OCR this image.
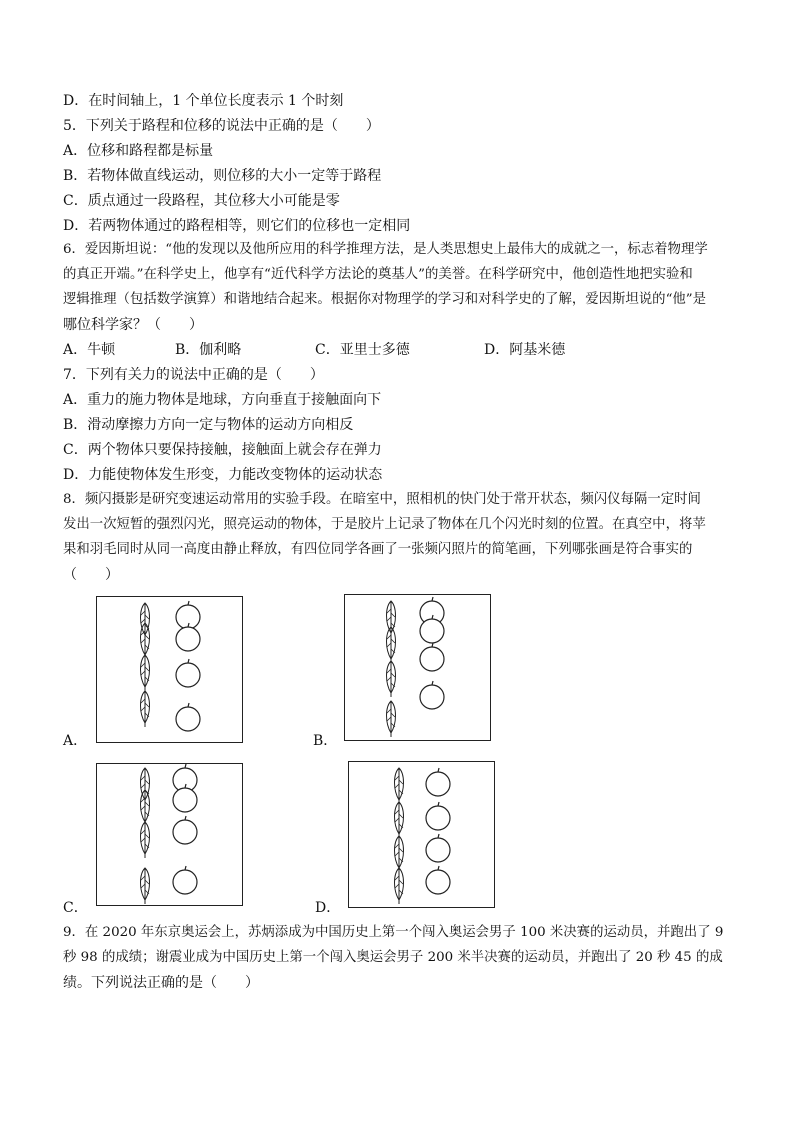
D．在时间轴上，1 个单位长度表示 1 个时刻
5．下列关于路程和位移的说法中正确的是（　　）
A．位移和路程都是标量
B．若物体做直线运动，则位移的大小一定等于路程
C．质点通过一段路程，其位移大小可能是零
D．若两物体通过的路程相等，则它们的位移也一定相同
6．爱因斯坦说：“他的发现以及他所应用的科学推理方法，是人类思想史上最伟大的成就之一，标志着物理学
的真正开端。”在科学史上，他享有“近代科学方法论的奠基人”的美誉。在科学研究中，他创造性地把实验和
逻辑推理（包括数学演算）和谐地结合起来。根据你对物理学的学习和对科学史的了解，爱因斯坦说的“他”是
哪位科学家？（　　）
A．牛顿	B．伽利略	C．亚里士多德	D．阿基米德
7．下列有关力的说法中正确的是（　　）
A．重力的施力物体是地球，方向垂直于接触面向下
B．滑动摩擦力方向一定与物体的运动方向相反
C．两个物体只要保持接触，接触面上就会存在弹力
D．力能使物体发生形变，力能改变物体的运动状态
8．频闪摄影是研究变速运动常用的实验手段。在暗室中，照相机的快门处于常开状态，频闪仪每隔一定时间
发出一次短暂的强烈闪光，照亮运动的物体，于是胶片上记录了物体在几个闪光时刻的位置。在真空中，将苹
果和羽毛同时从同一高度由静止释放，有四位同学各画了一张频闪照片的简笔画，下列哪张画是符合事实的
（　　）
A．	B．
C．	D．
9．在 2020 年东京奥运会上，苏炳添成为中国历史上第一个闯入奥运会男子 100 米决赛的运动员，并跑出了 9
秒 98 的成绩；谢震业成为中国历史上第一个闯入奥运会男子 200 米半决赛的运动员，并跑出了 20 秒 45 的成
绩。下列说法正确的是（　　）
